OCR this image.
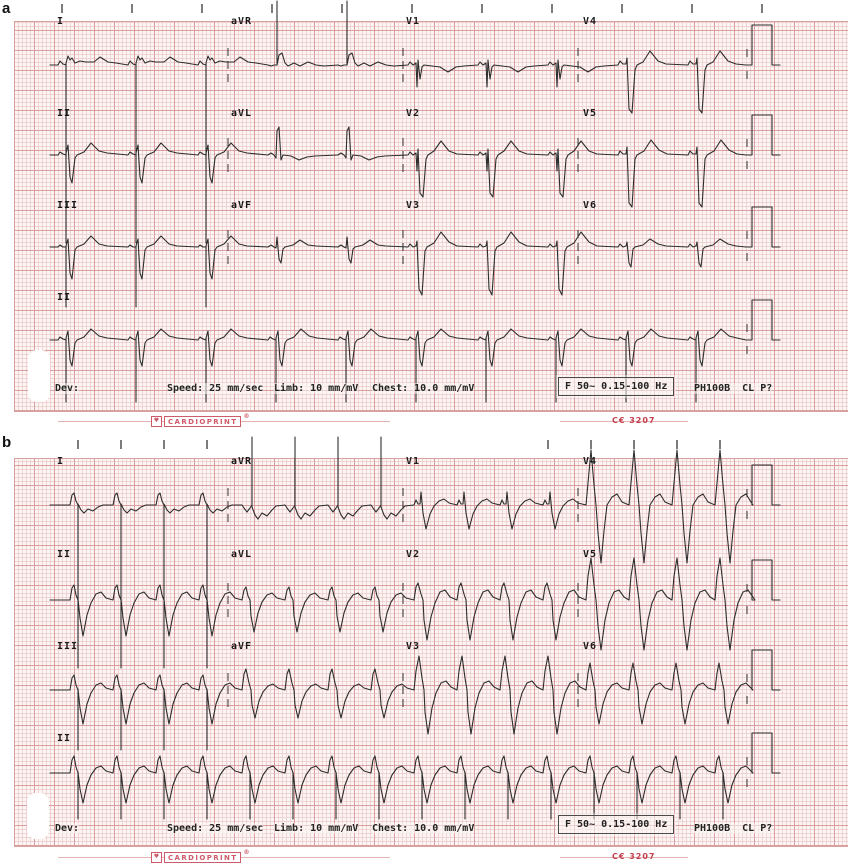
a
Dev:	Speed: 25 mm/sec Limb: 10 mm/mV Chest: 10.0 mm/mV	F 50~ 0.15-100 Hz	PH100B  CL P?
♥	CARDIOPRINT
®	C€ 3207
I	aVR	V1	V4
II	aVL	V2	V5
III	aVF	V3	V6
II
b
Dev:	Speed: 25 mm/sec Limb: 10 mm/mV Chest: 10.0 mm/mV	F 50~ 0.15-100 Hz	PH100B  CL P?
♥	CARDIOPRINT
®	C€ 3207
I	aVR	V1	V4
II	aVL	V2	V5
III	aVF	V3	V6
II
